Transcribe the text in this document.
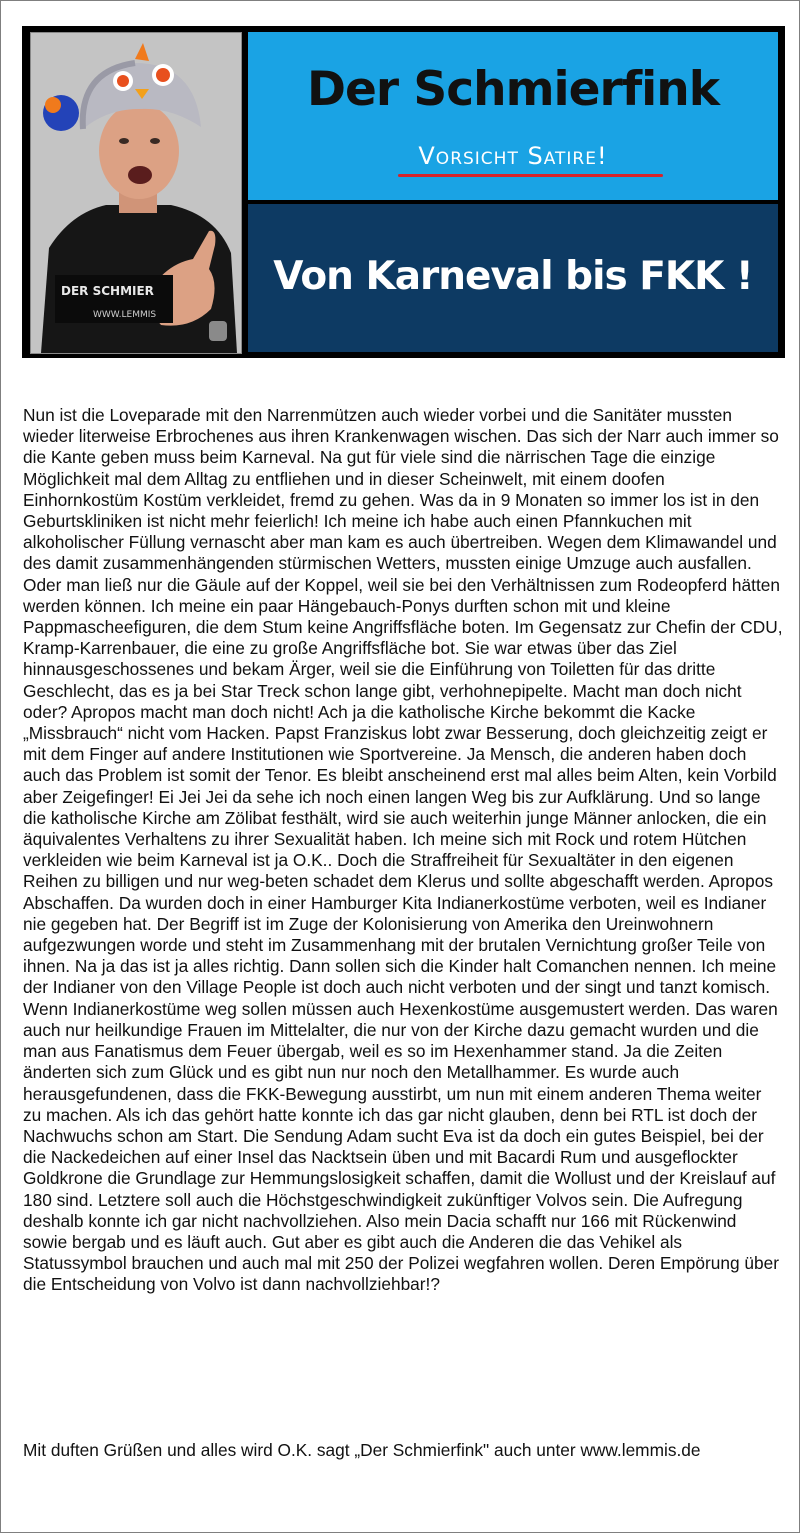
DER SCHMIER
WWW.LEMMIS
Der Schmierfink
Vorsicht Satire!
Von Karneval bis FKK !

Nun ist die Loveparade mit den Narrenmützen auch wieder vorbei und die Sanitäter mussten wieder literweise Erbrochenes aus ihren Krankenwagen wischen. Das sich der Narr auch immer so die Kante geben muss beim Karneval. Na gut für viele sind die närrischen Tage die einzige Möglichkeit mal dem Alltag zu entfliehen und in dieser Scheinwelt, mit einem doofen Einhornkostüm Kostüm verkleidet, fremd zu gehen. Was da in 9 Monaten so immer los ist in den Geburtskliniken ist nicht mehr feierlich! Ich meine ich habe auch einen Pfannkuchen mit alkoholischer Füllung vernascht aber man kam es auch übertreiben. Wegen dem Klimawandel und des damit zusammenhängenden stürmischen Wetters, mussten einige Umzuge auch ausfallen. Oder man ließ nur die Gäule auf der Koppel, weil sie bei den Verhältnissen zum Rodeopferd hätten werden können. Ich meine ein paar Hängebauch-Ponys durften schon mit und kleine Pappmascheefiguren, die dem Stum keine Angriffsfläche boten. Im Gegensatz zur Chefin der CDU, Kramp-Karrenbauer, die eine zu große Angriffsfläche bot. Sie war etwas über das Ziel hinnausgeschossenes und bekam Ärger, weil sie die Einführung von Toiletten für das dritte Geschlecht, das es ja bei Star Treck schon lange gibt, verhohnepipelte. Macht man doch nicht oder? Apropos macht man doch nicht! Ach ja die katholische Kirche bekommt die Kacke „Missbrauch“ nicht vom Hacken. Papst Franziskus lobt zwar Besserung, doch gleichzeitig zeigt er mit dem Finger auf andere Institutionen wie Sportvereine. Ja Mensch, die anderen haben doch auch das Problem ist somit der Tenor. Es bleibt anscheinend erst mal alles beim Alten, kein Vorbild aber Zeigefinger! Ei Jei Jei da sehe ich noch einen langen Weg bis zur Aufklärung. Und so lange die katholische Kirche am Zölibat festhält, wird sie auch weiterhin junge Männer anlocken, die ein äquivalentes Verhaltens zu ihrer Sexualität haben. Ich meine sich mit Rock und rotem Hütchen verkleiden wie beim Karneval ist ja O.K.. Doch die Straffreiheit für Sexualtäter in den eigenen Reihen zu billigen und nur weg-beten schadet dem Klerus und sollte abgeschafft werden. Apropos Abschaffen. Da wurden doch in einer Hamburger Kita Indianerkostüme verboten, weil es Indianer nie gegeben hat. Der Begriff ist im Zuge der Kolonisierung von Amerika den Ureinwohnern aufgezwungen worde und steht im Zusammenhang mit der brutalen Vernichtung großer Teile von ihnen. Na ja das ist ja alles richtig. Dann sollen sich die Kinder halt Comanchen nennen. Ich meine der Indianer von den Village People ist doch auch nicht verboten und der singt und tanzt komisch. Wenn Indianerkostüme weg sollen müssen auch Hexenkostüme ausgemustert werden. Das waren auch nur heilkundige Frauen im Mittelalter, die nur von der Kirche dazu gemacht wurden und die man aus Fanatismus dem Feuer übergab, weil es so im Hexenhammer stand. Ja die Zeiten änderten sich zum Glück und es gibt nun nur noch den Metallhammer. Es wurde auch herausgefundenen, dass die FKK-Bewegung ausstirbt, um nun mit einem anderen Thema weiter zu machen. Als ich das gehört hatte konnte ich das gar nicht glauben, denn bei RTL ist doch der Nachwuchs schon am Start. Die Sendung Adam sucht Eva ist da doch ein gutes Beispiel, bei der die Nackedeichen auf einer Insel das Nacktsein üben und mit Bacardi Rum und ausgeflockter Goldkrone die Grundlage zur Hemmungslosigkeit schaffen, damit die Wollust und der Kreislauf auf 180 sind. Letztere soll auch die Höchstgeschwindigkeit zukünftiger Volvos sein. Die Aufregung deshalb konnte ich gar nicht nachvollziehen. Also mein Dacia schafft nur 166 mit Rückenwind sowie bergab und es läuft auch. Gut aber es gibt auch die Anderen die das Vehikel als Statussymbol brauchen und auch mal mit 250 der Polizei wegfahren wollen. Deren Empörung über die Entscheidung von Volvo ist dann nachvollziehbar!?

Mit duften Grüßen und alles wird O.K. sagt „Der Schmierfink" auch unter www.lemmis.de
